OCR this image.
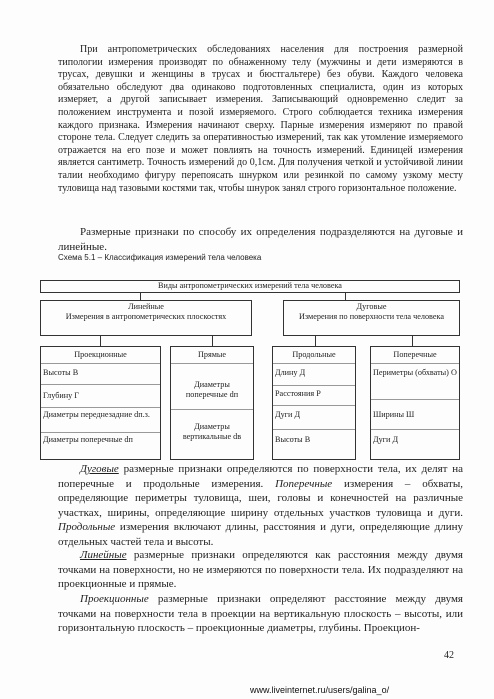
При антропометрических обследованиях населения для построения размерной типологии измерения производят по обнаженному телу (мужчины и дети измеряются в трусах, девушки и женщины в трусах и бюстгальтере) без обуви. Каждого человека обязательно обследуют два одинаково подготовленных специалиста, один из которых измеряет, а другой записывает измерения. Записывающий одновременно следит за положением инструмента и позой измеряемого. Строго соблюдается техника измерения каждого признака. Измерения начинают сверху. Парные измерения измеряют по правой стороне тела. Следует следить за оперативностью измерений, так как утомление измеряемого отражается на его позе и может повлиять на точность измерений. Единицей измерения является сантиметр. Точность измерений до 0,1см. Для получения четкой и устойчивой линии талии необходимо фигуру перепоясать шнурком или резинкой по самому узкому месту туловища над тазовыми костями так, чтобы шнурок занял строго горизонтальное положение.
Размерные признаки по способу их определения подразделяются на дуговые и линейные.
Схема 5.1 – Классификация измерений тела человека
Виды антропометрических измерений тела человека
Линейные
Измерения в антропометрических плоскостях
Дуговые
Измерения по поверхности тела человека
Проекционные
Высоты В
Глубину Г
Диаметры переднезадние dп.з.
Диаметры поперечные dп
Прямые
Диаметры поперечные dп
Диаметры вертикальные dв
Продольные
Длину Д
Расстояния Р
Дуги Д
Высоты В
Поперечные
Периметры (обхваты) О
Ширины Ш
Дуги Д
Дуговые размерные признаки определяются по поверхности тела, их делят на поперечные и продольные измерения. Поперечные измерения – обхваты, определяющие периметры туловища, шеи, головы и конечностей на различные участках, ширины, определяющие ширину отдельных участков туловища и дуги. Продольные измерения включают длины, расстояния и дуги, определяющие длину отдельных частей тела и высоты.
Линейные размерные признаки определяются как расстояния между двумя точками на поверхности, но не измеряются по поверхности тела. Их подразделяют на проекционные и прямые.
Проекционные размерные признаки определяют расстояние между двумя точками на поверхности тела в проекции на вертикальную плоскость – высоты, или горизонтальную плоскость – проекционные диаметры, глубины. Проекцион-
42
www.liveinternet.ru/users/galina_o/
